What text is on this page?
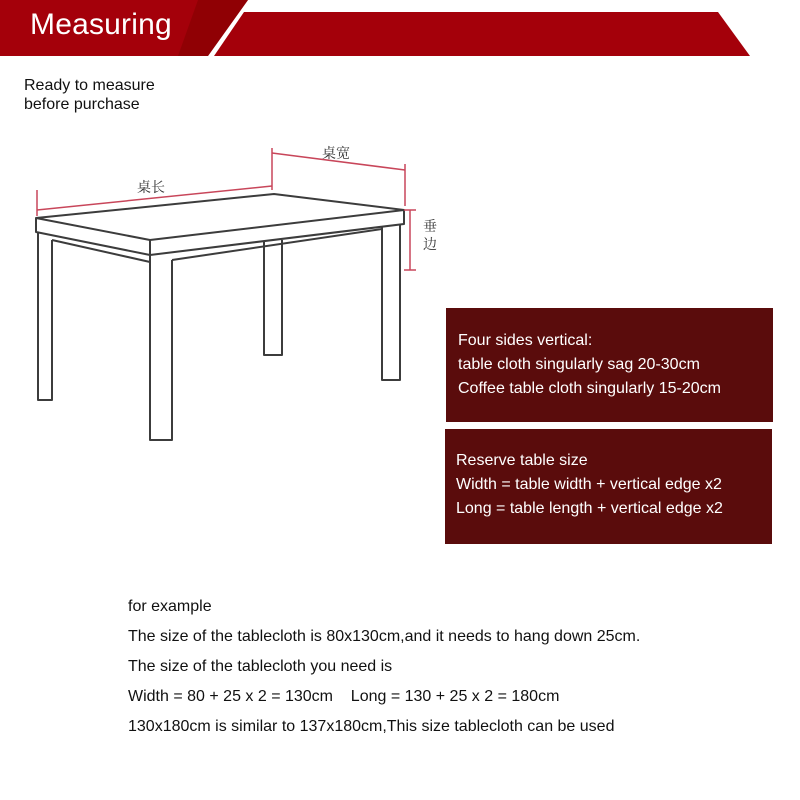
Measuring
Ready to measure
before purchase
桌宽
桌长
垂边
Four sides vertical:
table cloth singularly sag 20-30cm
Coffee table cloth singularly 15-20cm
Reserve table size
Width = table width + vertical edge x2
Long = table length + vertical edge x2
for example
The size of the tablecloth is 80x130cm,and it needs to hang down 25cm.
The size of the tablecloth you need is
Width = 80 + 25 x 2 = 130cm    Long = 130 + 25 x 2 = 180cm
130x180cm is similar to 137x180cm,This size tablecloth can be used
